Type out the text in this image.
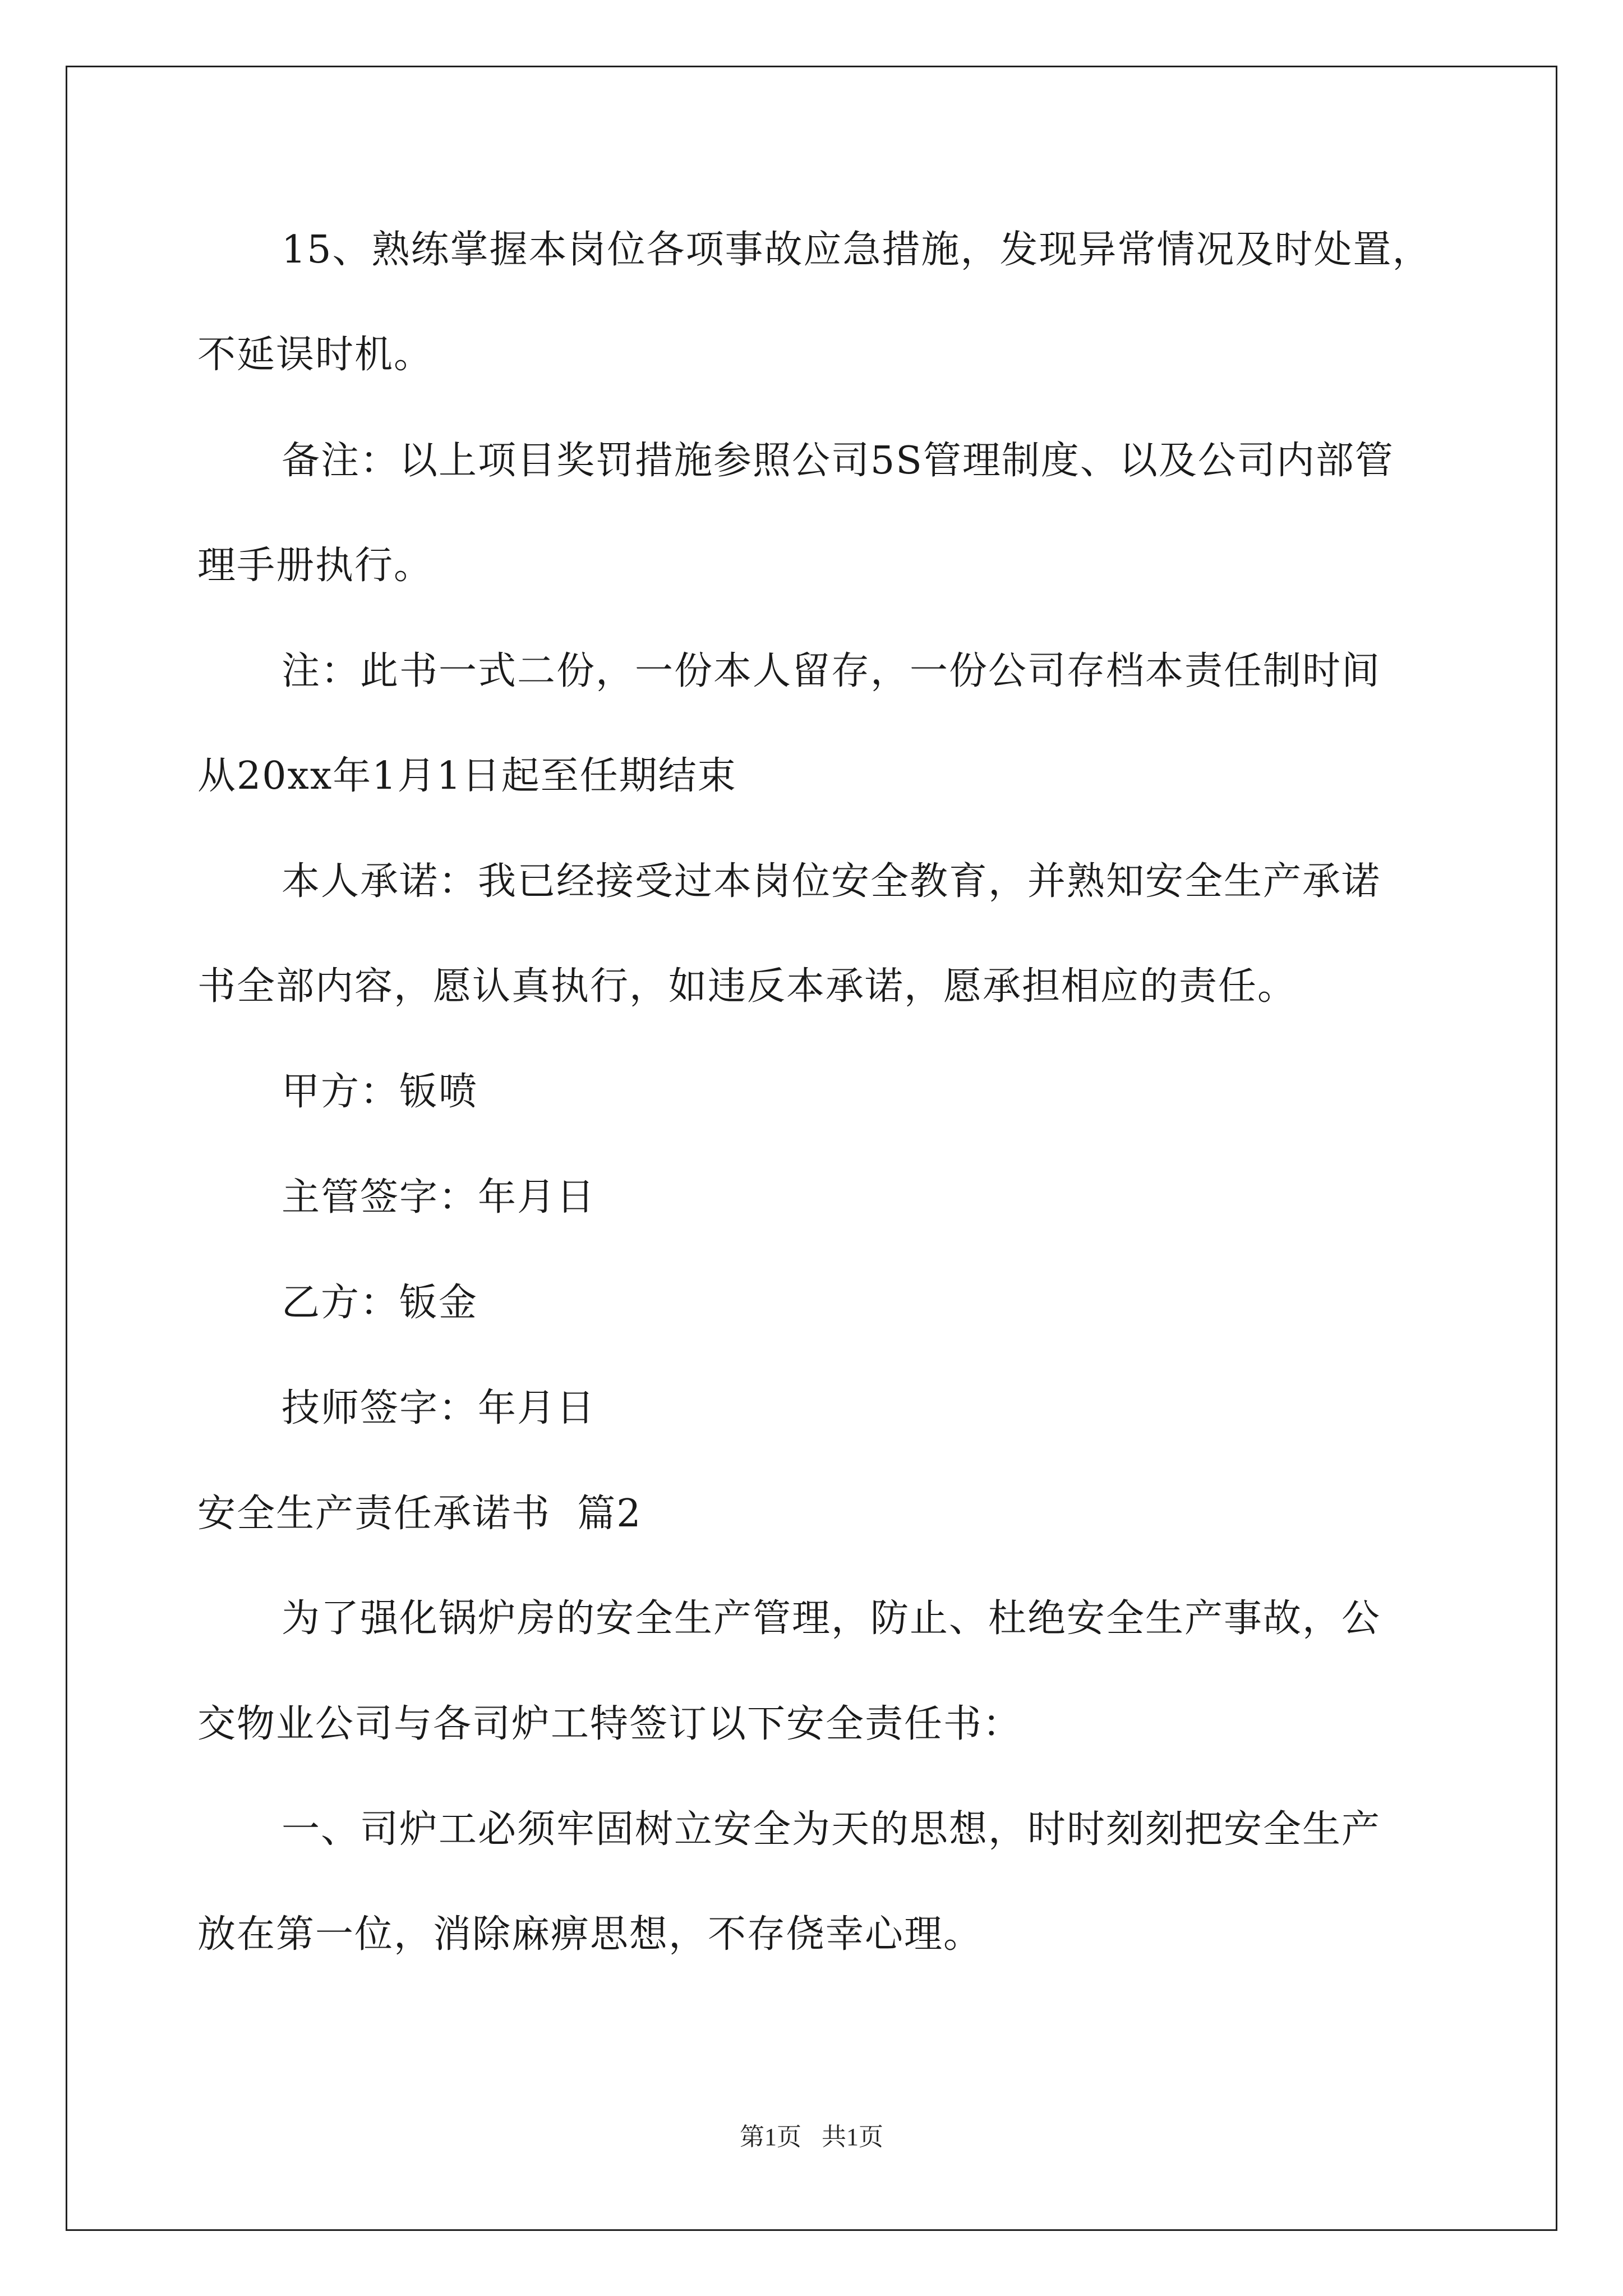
15、熟练掌握本岗位各项事故应急措施，发现异常情况及时处置，
不延误时机。
备注：以上项目奖罚措施参照公司5S管理制度、以及公司内部管
理手册执行。
注：此书一式二份，一份本人留存，一份公司存档本责任制时间
从20xx年1月1日起至任期结束
本人承诺：我已经接受过本岗位安全教育，并熟知安全生产承诺
书全部内容，愿认真执行，如违反本承诺，愿承担相应的责任。
甲方：钣喷
主管签字：年月日
乙方：钣金
技师签字：年月日
安全生产责任承诺书  篇2
为了强化锅炉房的安全生产管理，防止、杜绝安全生产事故，公
交物业公司与各司炉工特签订以下安全责任书：
一、司炉工必须牢固树立安全为天的思想，时时刻刻把安全生产
放在第一位，消除麻痹思想，不存侥幸心理。
第1页 共1页
